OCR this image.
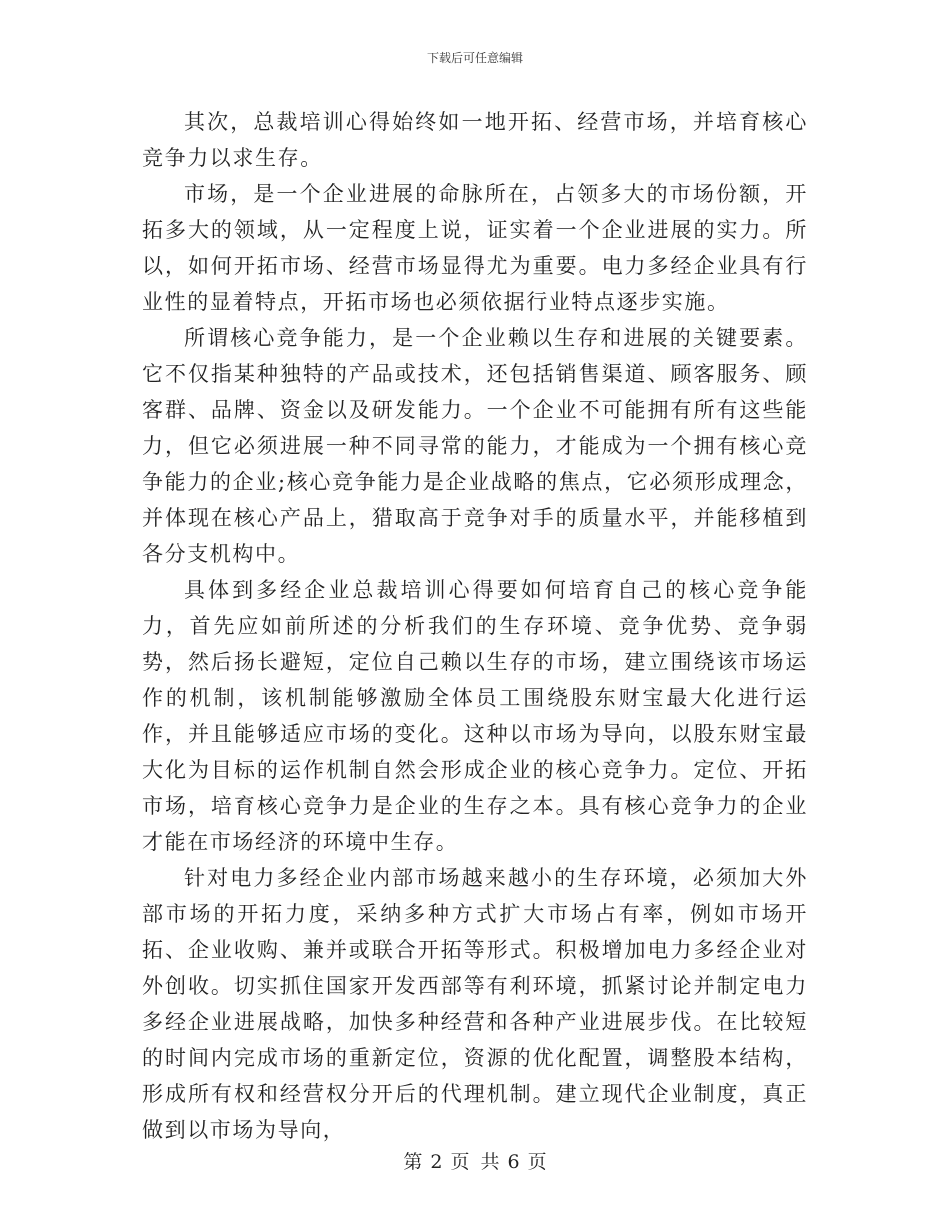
下载后可任意编辑

其次，总裁培训心得始终如一地开拓、经营市场，并培育核心竞争力以求生存。

市场，是一个企业进展的命脉所在，占领多大的市场份额，开拓多大的领域，从一定程度上说，证实着一个企业进展的实力。所以，如何开拓市场、经营市场显得尤为重要。电力多经企业具有行业性的显着特点，开拓市场也必须依据行业特点逐步实施。

所谓核心竞争能力，是一个企业赖以生存和进展的关键要素。它不仅指某种独特的产品或技术，还包括销售渠道、顾客服务、顾客群、品牌、资金以及研发能力。一个企业不可能拥有所有这些能力，但它必须进展一种不同寻常的能力，才能成为一个拥有核心竞争能力的企业;核心竞争能力是企业战略的焦点，它必须形成理念，并体现在核心产品上，猎取高于竞争对手的质量水平，并能移植到各分支机构中。

具体到多经企业总裁培训心得要如何培育自己的核心竞争能力，首先应如前所述的分析我们的生存环境、竞争优势、竞争弱势，然后扬长避短，定位自己赖以生存的市场，建立围绕该市场运作的机制，该机制能够激励全体员工围绕股东财宝最大化进行运作，并且能够适应市场的变化。这种以市场为导向，以股东财宝最大化为目标的运作机制自然会形成企业的核心竞争力。定位、开拓市场，培育核心竞争力是企业的生存之本。具有核心竞争力的企业才能在市场经济的环境中生存。

针对电力多经企业内部市场越来越小的生存环境，必须加大外部市场的开拓力度，采纳多种方式扩大市场占有率，例如市场开拓、企业收购、兼并或联合开拓等形式。积极增加电力多经企业对外创收。切实抓住国家开发西部等有利环境，抓紧讨论并制定电力多经企业进展战略，加快多种经营和各种产业进展步伐。在比较短的时间内完成市场的重新定位，资源的优化配置，调整股本结构，形成所有权和经营权分开后的代理机制。建立现代企业制度，真正做到以市场为导向，

第 2 页 共 6 页
